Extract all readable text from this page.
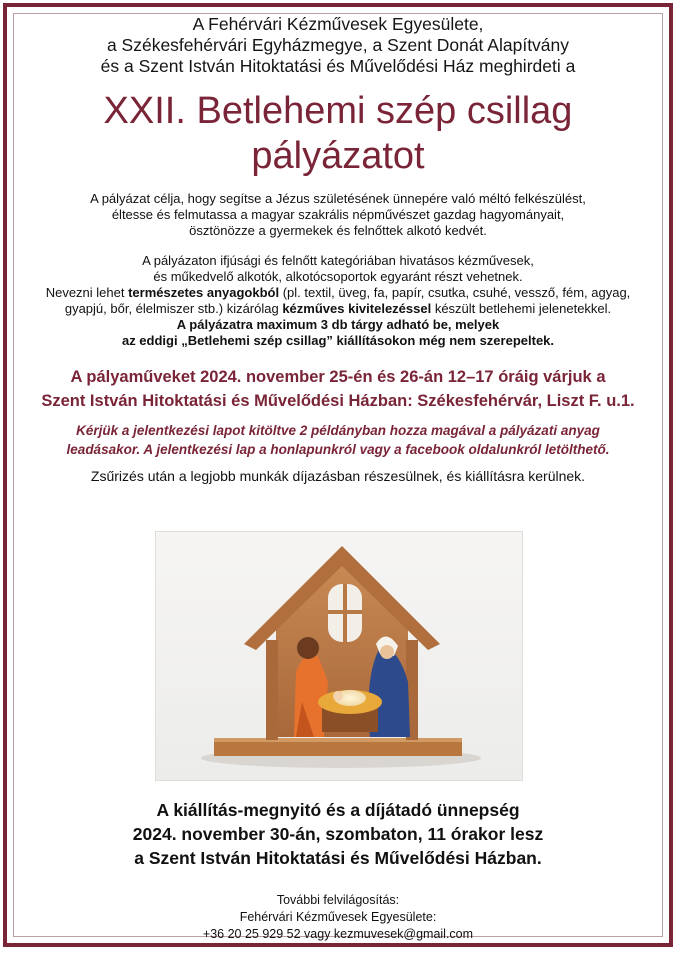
A Fehérvári Kézművesek Egyesülete,
a Székesfehérvári Egyházmegye, a Szent Donát Alapítvány
és a Szent István Hitoktatási és Művelődési Ház meghirdeti a
XXII. Betlehemi szép csillag
pályázatot
A pályázat célja, hogy segítse a Jézus születésének ünnepére való méltó felkészülést,
éltesse és felmutassa a magyar szakrális népművészet gazdag hagyományait,
ösztönözze a gyermekek és felnőttek alkotó kedvét.
A pályázaton ifjúsági és felnőtt kategóriában hivatásos kézművesek,
és műkedvelő alkotók, alkotócsoportok egyaránt részt vehetnek.
Nevezni lehet természetes anyagokból (pl. textil, üveg, fa, papír, csutka, csuhé, vessző, fém, agyag,
gyapjú, bőr, élelmiszer stb.) kizárólag kézműves kivitelezéssel készült betlehemi jelenetekkel.
A pályázatra maximum 3 db tárgy adható be, melyek
az eddigi „Betlehemi szép csillag” kiállításokon még nem szerepeltek.
A pályaműveket 2024. november 25-én és 26-án 12–17 óráig várjuk a
Szent István Hitoktatási és Művelődési Házban: Székesfehérvár, Liszt F. u.1.
Kérjük a jelentkezési lapot kitöltve 2 példányban hozza magával a pályázati anyag
leadásakor. A jelentkezési lap a honlapunkról vagy a facebook oldalunkról letölthető.
Zsűrizés után a legjobb munkák díjazásban részesülnek, és kiállításra kerülnek.
A kiállítás-megnyitó és a díjátadó ünnepség
2024. november 30-án, szombaton, 11 órakor lesz
a Szent István Hitoktatási és Művelődési Házban.
További felvilágosítás:
Fehérvári Kézművesek Egyesülete:
+36 20 25 929 52 vagy kezmuvesek@gmail.com
